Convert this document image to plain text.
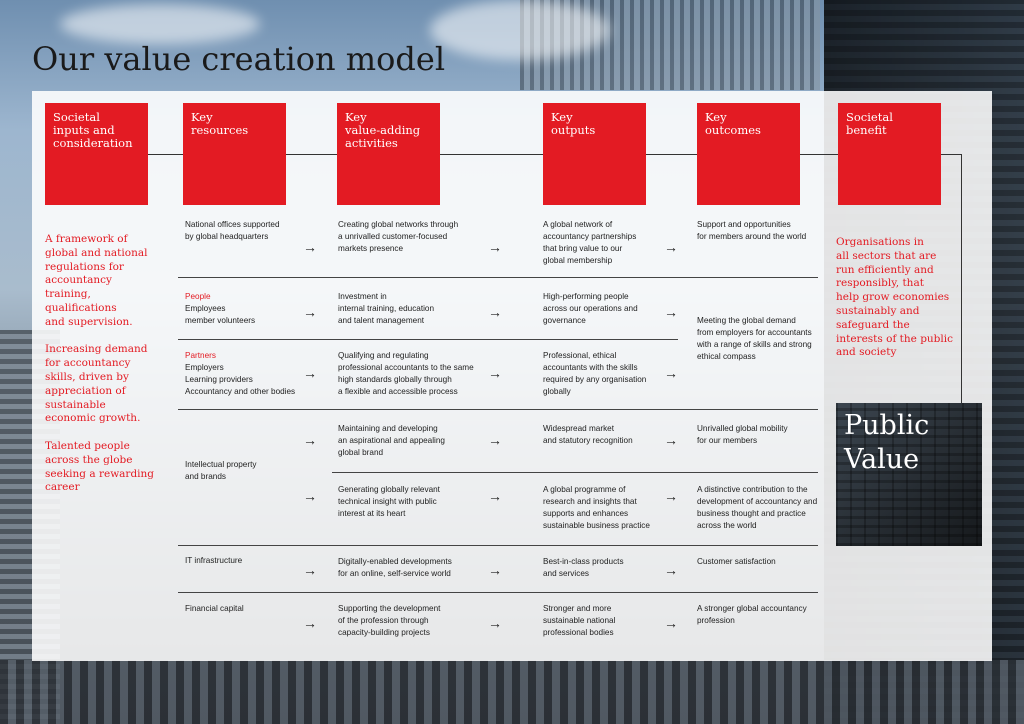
Our value creation model
Societal
inputs and
consideration
Key
resources
Key
value-adding
activities
Key
outputs
Key
outcomes
Societal
benefit
A framework of
global and national
regulations for
accountancy
training,
qualifications
and supervision.

Increasing demand
for accountancy
skills, driven by
appreciation of
sustainable
economic growth.

Talented people
across the globe
seeking a rewarding
career
Organisations in
all sectors that are
run efficiently and
responsibly, that
help grow economies
sustainably and
safeguard the
interests of the public
and society
Public
Value
National offices supported
by global headquarters
People
Employees
member volunteers
Partners
Employers
Learning providers
Accountancy and other bodies
Intellectual property
and brands
IT infrastructure
Financial capital
Creating global networks through
a unrivalled customer-focused
markets presence
Investment in
internal training, education
and talent management
Qualifying and regulating
professional accountants to the same
high standards globally through
a flexible and accessible process
Maintaining and developing
an aspirational and appealing
global brand
Generating globally relevant
technical insight with public
interest at its heart
Digitally-enabled developments
for an online, self-service world
Supporting the development
of the profession through
capacity-building projects
A global network of
accountancy partnerships
that bring value to our
global membership
High-performing people
across our operations and
governance
Professional, ethical
accountants with the skills
required by any organisation
globally
Widespread market
and statutory recognition
A global programme of
research and insights that
supports and enhances
sustainable business practice
Best-in-class products
and services
Stronger and more
sustainable national
professional bodies
Support and opportunities
for members around the world
Meeting the global demand
from employers for accountants
with a range of skills and strong
ethical compass
Unrivalled global mobility
for our members
A distinctive contribution to the
development of accountancy and
business thought and practice
across the world
Customer satisfaction
A stronger global accountancy
profession
→
→
→
→
→
→
→
→
→
→
→
→
→
→
→
→
→
→
→
→
→
